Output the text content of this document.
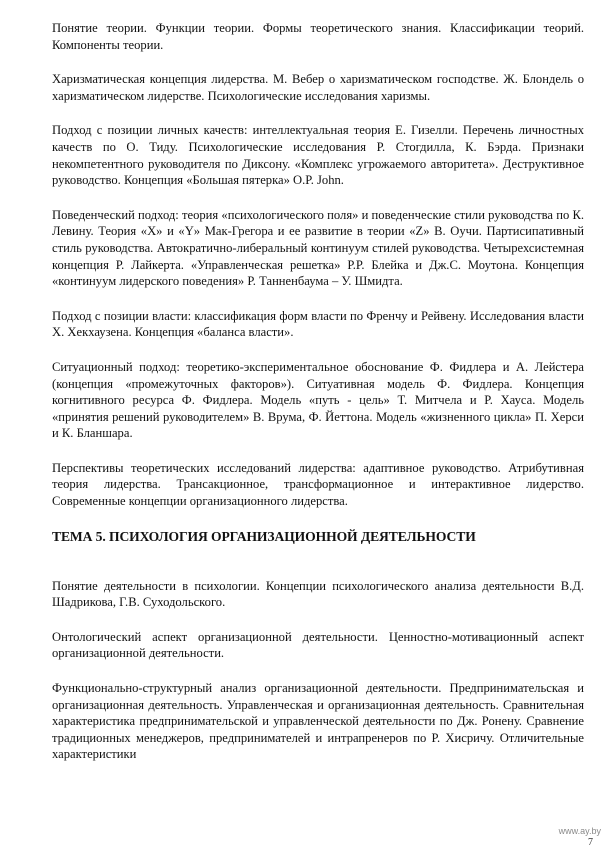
Понятие теории. Функции теории. Формы теоретического знания. Классификации теорий. Компоненты теории.

Харизматическая концепция лидерства. М. Вебер о харизматическом господстве. Ж. Блондель о харизматическом лидерстве. Психологические исследования харизмы.

Подход с позиции личных качеств: интеллектуальная теория Е. Гизелли. Перечень личностных качеств по О. Тиду. Психологические исследования Р. Стогдилла, К. Бэрда. Признаки некомпетентного руководителя по Диксону. «Комплекс угрожаемого авторитета». Деструктивное руководство. Концепция «Большая пятерка» О.Р. John.

Поведенческий подход: теория «психологического поля» и поведенческие стили руководства по К. Левину. Теория «X» и «Y» Мак-Грегора и ее развитие в теории «Z» В. Оучи. Партисипативный стиль руководства. Автократично-либеральный континуум стилей руководства. Четырехсистемная концепция Р. Лайкерта. «Управленческая решетка» Р.Р. Блейка и Дж.С. Моутона. Концепция «континуум лидерского поведения» Р. Танненбаума – У. Шмидта.

Подход с позиции власти: классификация форм власти по Френчу и Рейвену. Исследования власти Х. Хекхаузена. Концепция «баланса власти».

Ситуационный подход: теоретико-экспериментальное обоснование Ф. Фидлера и А. Лейстера (концепция «промежуточных факторов»). Ситуативная модель Ф. Фидлера. Концепция когнитивного ресурса Ф. Фидлера. Модель «путь - цель» Т. Митчела и Р. Хауса. Модель «принятия решений руководителем» В. Врума, Ф. Йеттона. Модель «жизненного цикла» П. Херси и К. Бланшара.

Перспективы теоретических исследований лидерства: адаптивное руководство. Атрибутивная теория лидерства. Трансакционное, трансформационное и интерактивное лидерство. Современные концепции организационного лидерства.

ТЕМА 5. ПСИХОЛОГИЯ ОРГАНИЗАЦИОННОЙ ДЕЯТЕЛЬНОСТИ

Понятие деятельности в психологии. Концепции психологического анализа деятельности В.Д. Шадрикова, Г.В. Суходольского.

Онтологический аспект организационной деятельности. Ценностно-мотивационный аспект организационной деятельности.

Функционально-структурный анализ организационной деятельности. Предпринимательская и организационная деятельность. Управленческая и организационная деятельность. Сравнительная характеристика предпринимательской и управленческой деятельности по Дж. Ронену. Сравнение традиционных менеджеров, предпринимателей и интрапренеров по Р. Хисричу. Отличительные характеристики

www.ay.by
7
